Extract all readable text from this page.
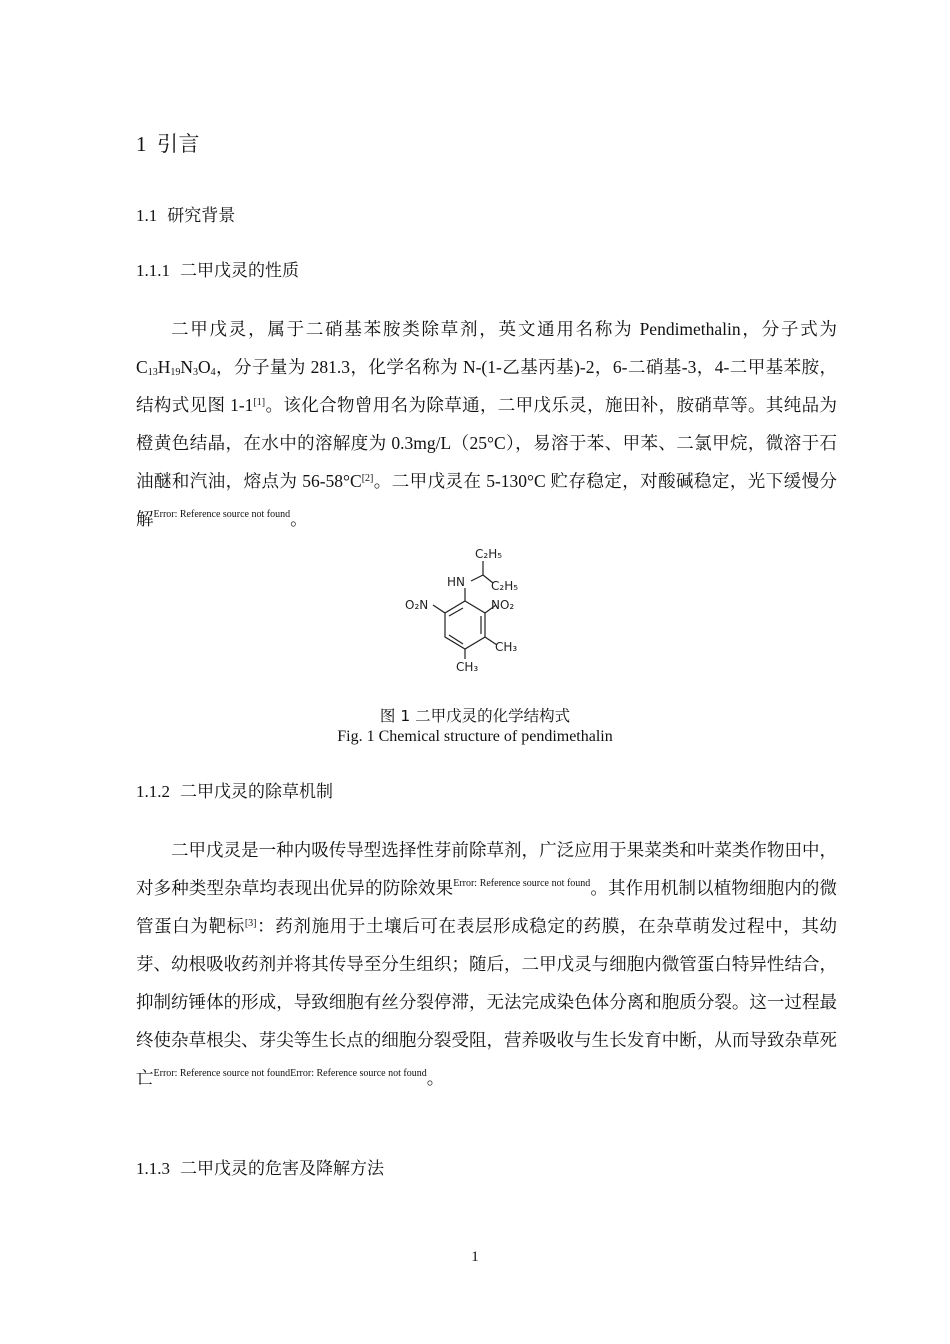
1 引言
1.1 研究背景
1.1.1 二甲戊灵的性质

二甲戊灵，属于二硝基苯胺类除草剂，英文通用名称为 Pendimethalin，分子式为 $C_{13}H_{19}N_3O_4$，分子量为 281.3，化学名称为 N-(1-乙基丙基)-2，6-二硝基-3，4-二甲基苯胺，结构式见图 1-1[1]。该化合物曾用名为除草通，二甲戊乐灵，施田补，胺硝草等。其纯品为橙黄色结晶，在水中的溶解度为 0.3mg/L（25°C），易溶于苯、甲苯、二氯甲烷，微溶于石油醚和汽油，熔点为 56-58°C[2]。二甲戊灵在 5-130°C 贮存稳定，对酸碱稳定，光下缓慢分解$^{Error: Reference source not found}$。

C₂H₅
HN C₂H₅
O₂N	NO₂
CH₃
CH₃
图 1 二甲戊灵的化学结构式
Fig. 1 Chemical structure of pendimethalin
1.1.2 二甲戊灵的除草机制

二甲戊灵是一种内吸传导型选择性芽前除草剂，广泛应用于果菜类和叶菜类作物田中，对多种类型杂草均表现出优异的防除效果$^{Error: Reference source not found}$。其作用机制以植物细胞内的微管蛋白为靶标[3]：药剂施用于土壤后可在表层形成稳定的药膜，在杂草萌发过程中，其幼芽、幼根吸收药剂并将其传导至分生组织；随后，二甲戊灵与细胞内微管蛋白特异性结合，抑制纺锤体的形成，导致细胞有丝分裂停滞，无法完成染色体分离和胞质分裂。这一过程最终使杂草根尖、芽尖等生长点的细胞分裂受阻，营养吸收与生长发育中断，从而导致杂草死亡$^{Error: Reference source not foundError: Reference source not found}$。

1.1.3 二甲戊灵的危害及降解方法
1
